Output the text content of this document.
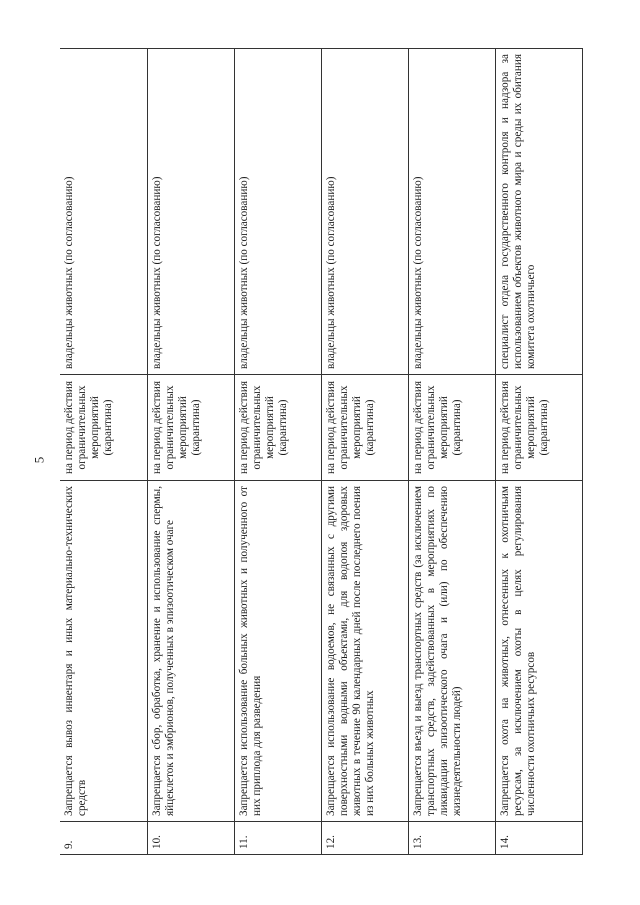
5
9.	Запрещается вывоз инвентаря и иных материально-технических средств	на период действия ограничительных мероприятий (карантина)	владельцы животных (по согласованию)
10.	Запрещается сбор, обработка, хранение и использование спермы, яйцеклеток и эмбрионов, полученных в эпизоотическом очаге	на период действия ограничительных мероприятий (карантина)	владельцы животных (по согласованию)
11.	Запрещается использование больных животных и полученного от них приплода для разведения	на период действия ограничительных мероприятий (карантина)	владельцы животных (по согласованию)
12.	Запрещается использование водоемов, не связанных с другими поверхностными водными объектами, для водопоя здоровых животных в течение 90 календарных дней после последнего поения из них больных животных	на период действия ограничительных мероприятий (карантина)	владельцы животных (по согласованию)
13.	Запрещается въезд и выезд транспортных средств (за исключением транспортных средств, задействованных в мероприятиях по ликвидации эпизоотического очага и (или) по обеспечению жизнедеятельности людей)	на период действия ограничительных мероприятий (карантина)	владельцы животных (по согласованию)
14.	Запрещается охота на животных, отнесенных к охотничьим ресурсам, за исключением охоты в целях регулирования численности охотничьих ресурсов	на период действия ограничительных мероприятий (карантина)	специалист отдела государственного контроля и надзора за использованием объектов животного мира и среды их обитания комитета охотничьего
